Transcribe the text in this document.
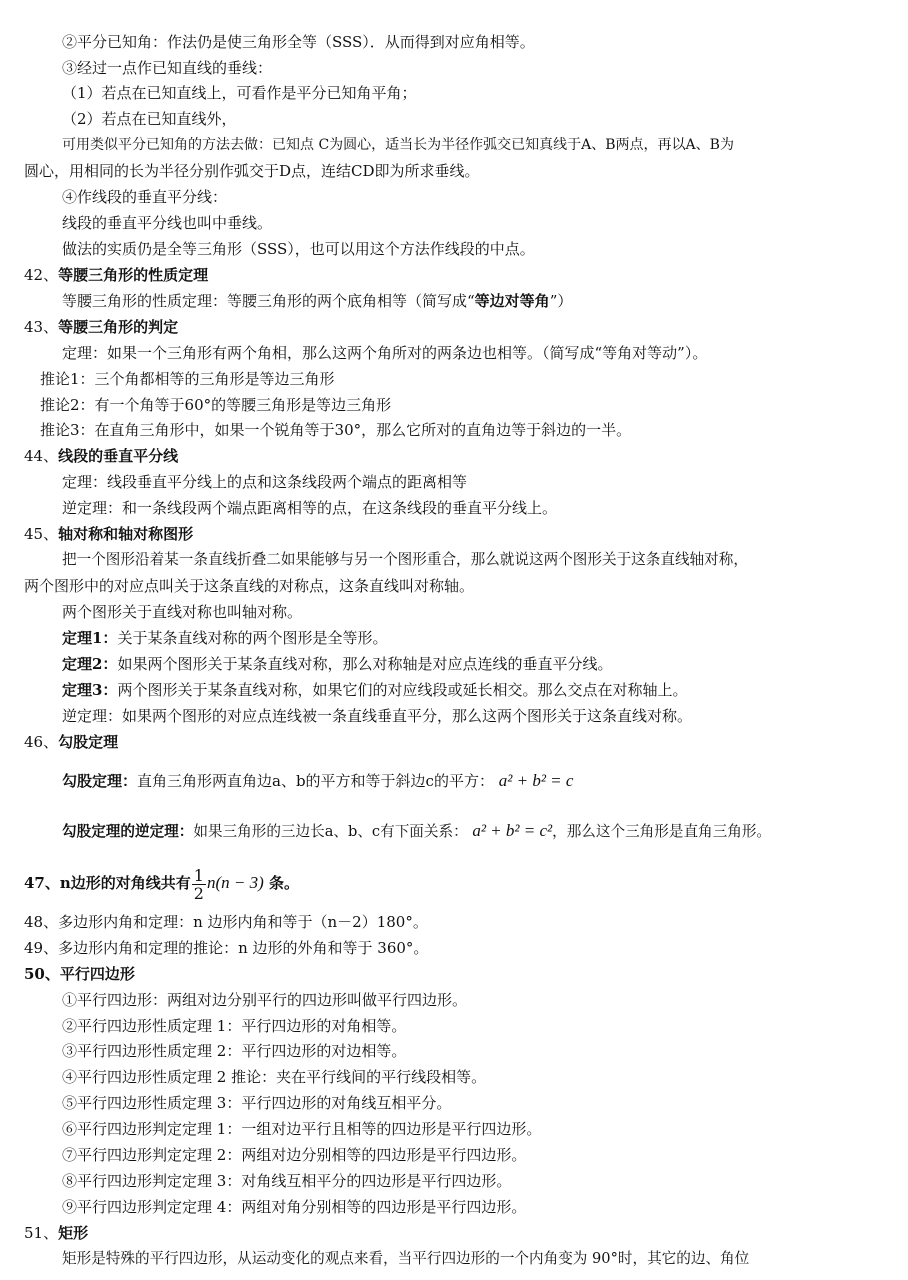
②平分已知角：作法仍是使三角形全等（SSS）．从而得到对应角相等。
③经过一点作已知直线的垂线：
（1）若点在已知直线上，可看作是平分已知角平角；
（2）若点在已知直线外，
可用类似平分已知角的方法去做：已知点 C为圆心，适当长为半径作弧交已知真线于A、B两点，再以A、B为
圆心，用相同的长为半径分别作弧交于D点，连结CD即为所求垂线。
④作线段的垂直平分线：
线段的垂直平分线也叫中垂线。
做法的实质仍是全等三角形（SSS），也可以用这个方法作线段的中点。
42、等腰三角形的性质定理
等腰三角形的性质定理：等腰三角形的两个底角相等（简写成“等边对等角”）
43、等腰三角形的判定
定理：如果一个三角形有两个角相，那么这两个角所对的两条边也相等。（简写成“等角对等动”）。
推论1：三个角都相等的三角形是等边三角形
推论2：有一个角等于60°的等腰三角形是等边三角形
推论3：在直角三角形中，如果一个锐角等于30°，那么它所对的直角边等于斜边的一半。
44、线段的垂直平分线
定理：线段垂直平分线上的点和这条线段两个端点的距离相等
逆定理：和一条线段两个端点距离相等的点，在这条线段的垂直平分线上。
45、轴对称和轴对称图形
把一个图形沿着某一条直线折叠二如果能够与另一个图形重合，那么就说这两个图形关于这条直线轴对称，
两个图形中的对应点叫关于这条直线的对称点，这条直线叫对称轴。
两个图形关于直线对称也叫轴对称。
定理1：关于某条直线对称的两个图形是全等形。
定理2：如果两个图形关于某条直线对称，那么对称轴是对应点连线的垂直平分线。
定理3：两个图形关于某条直线对称，如果它们的对应线段或延长相交。那么交点在对称轴上。
逆定理：如果两个图形的对应点连线被一条直线垂直平分，那么这两个图形关于这条直线对称。
46、勾股定理
勾股定理：直角三角形两直角边a、b的平方和等于斜边c的平方： a² + b² = c
勾股定理的逆定理：如果三角形的三边长a、b、c有下面关系： a² + b² = c²，那么这个三角形是直角三角形。
47、n边形的对角线共有 $\frac{1}{2} n(n - 3)$ 条。
48、多边形内角和定理：n 边形内角和等于（n－2）180°。
49、多边形内角和定理的推论：n 边形的外角和等于 360°。
50、平行四边形
①平行四边形：两组对边分别平行的四边形叫做平行四边形。
②平行四边形性质定理 1：平行四边形的对角相等。
③平行四边形性质定理 2：平行四边形的对边相等。
④平行四边形性质定理 2 推论：夹在平行线间的平行线段相等。
⑤平行四边形性质定理 3：平行四边形的对角线互相平分。
⑥平行四边形判定定理 1：一组对边平行且相等的四边形是平行四边形。
⑦平行四边形判定定理 2：两组对边分别相等的四边形是平行四边形。
⑧平行四边形判定定理 3：对角线互相平分的四边形是平行四边形。
⑨平行四边形判定定理 4：两组对角分别相等的四边形是平行四边形。
51、矩形
矩形是特殊的平行四边形，从运动变化的观点来看，当平行四边形的一个内角变为 90°时，其它的边、角位
